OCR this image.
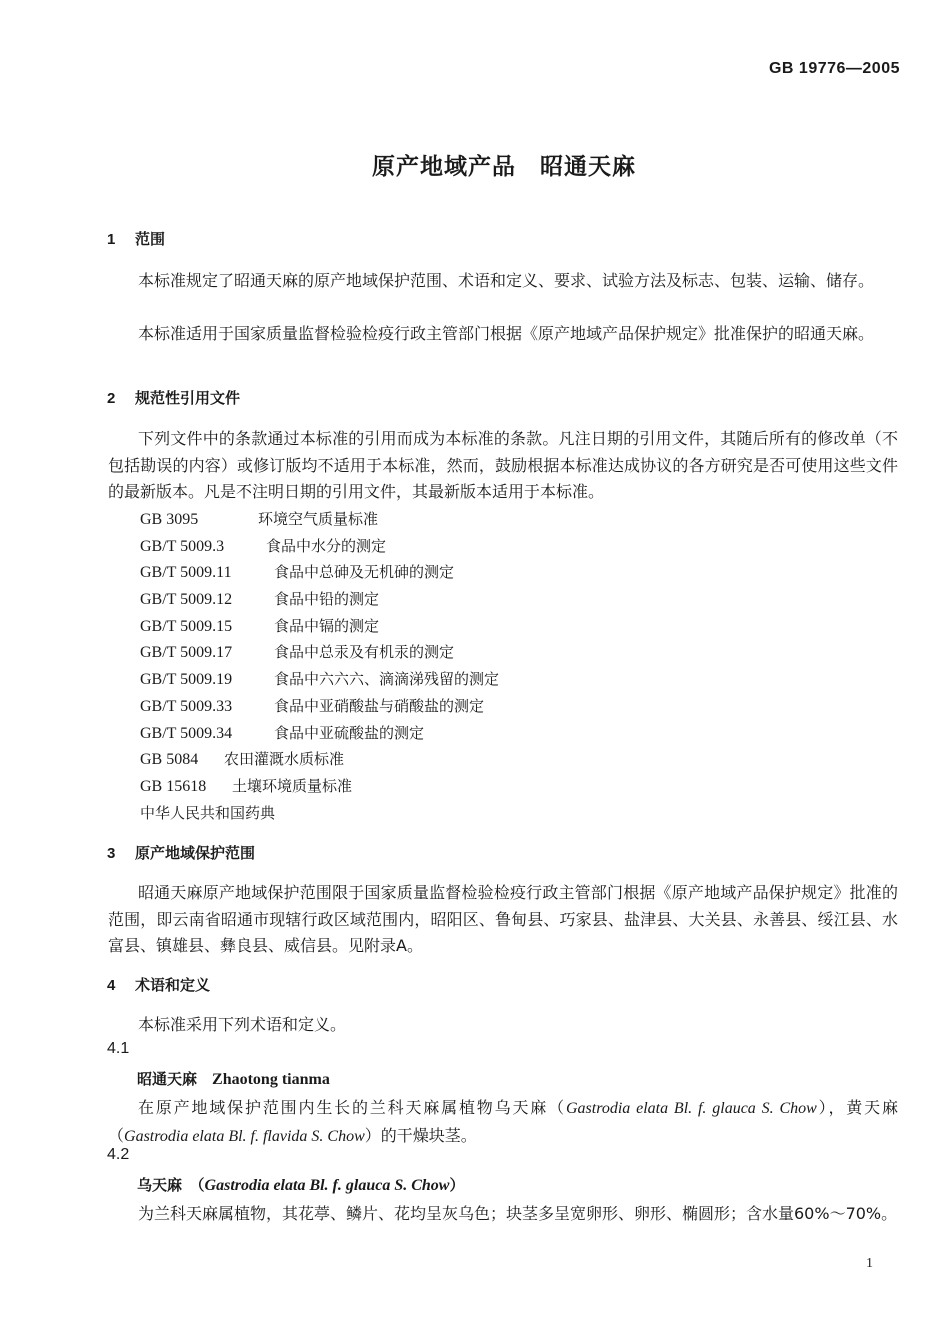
GB 19776—2005
原产地域产品　昭通天麻
1 范围
本标准规定了昭通天麻的原产地域保护范围、术语和定义、要求、试验方法及标志、包装、运输、储存。
本标准适用于国家质量监督检验检疫行政主管部门根据《原产地域产品保护规定》批准保护的昭通天麻。
2 规范性引用文件
下列文件中的条款通过本标准的引用而成为本标准的条款。凡注日期的引用文件，其随后所有的修改单（不包括勘误的内容）或修订版均不适用于本标准，然而，鼓励根据本标准达成协议的各方研究是否可使用这些文件的最新版本。凡是不注明日期的引用文件，其最新版本适用于本标准。
GB 3095	环境空气质量标准
GB/T 5009.3	食品中水分的测定
GB/T 5009.11	食品中总砷及无机砷的测定
GB/T 5009.12	食品中铅的测定
GB/T 5009.15	食品中镉的测定
GB/T 5009.17	食品中总汞及有机汞的测定
GB/T 5009.19	食品中六六六、滴滴涕残留的测定
GB/T 5009.33	食品中亚硝酸盐与硝酸盐的测定
GB/T 5009.34	食品中亚硫酸盐的测定
GB 5084 农田灌溉水质标准
GB 15618 土壤环境质量标准
中华人民共和国药典
3 原产地域保护范围
昭通天麻原产地域保护范围限于国家质量监督检验检疫行政主管部门根据《原产地域产品保护规定》批准的范围，即云南省昭通市现辖行政区域范围内，昭阳区、鲁甸县、巧家县、盐津县、大关县、永善县、绥江县、水富县、镇雄县、彝良县、威信县。见附录A。
4 术语和定义
本标准采用下列术语和定义。
4.1
昭通天麻　 Zhaotong tianma
在原产地域保护范围内生长的兰科天麻属植物乌天麻（Gastrodia elata Bl. f. glauca S. Chow），黄天麻（Gastrodia elata Bl. f. flavida S. Chow）的干燥块茎。
4.2
乌天麻　 （Gastrodia elata Bl. f. glauca S. Chow）
为兰科天麻属植物，其花葶、鳞片、花均呈灰乌色；块茎多呈宽卵形、卵形、椭圆形；含水量60%～70%。
1
